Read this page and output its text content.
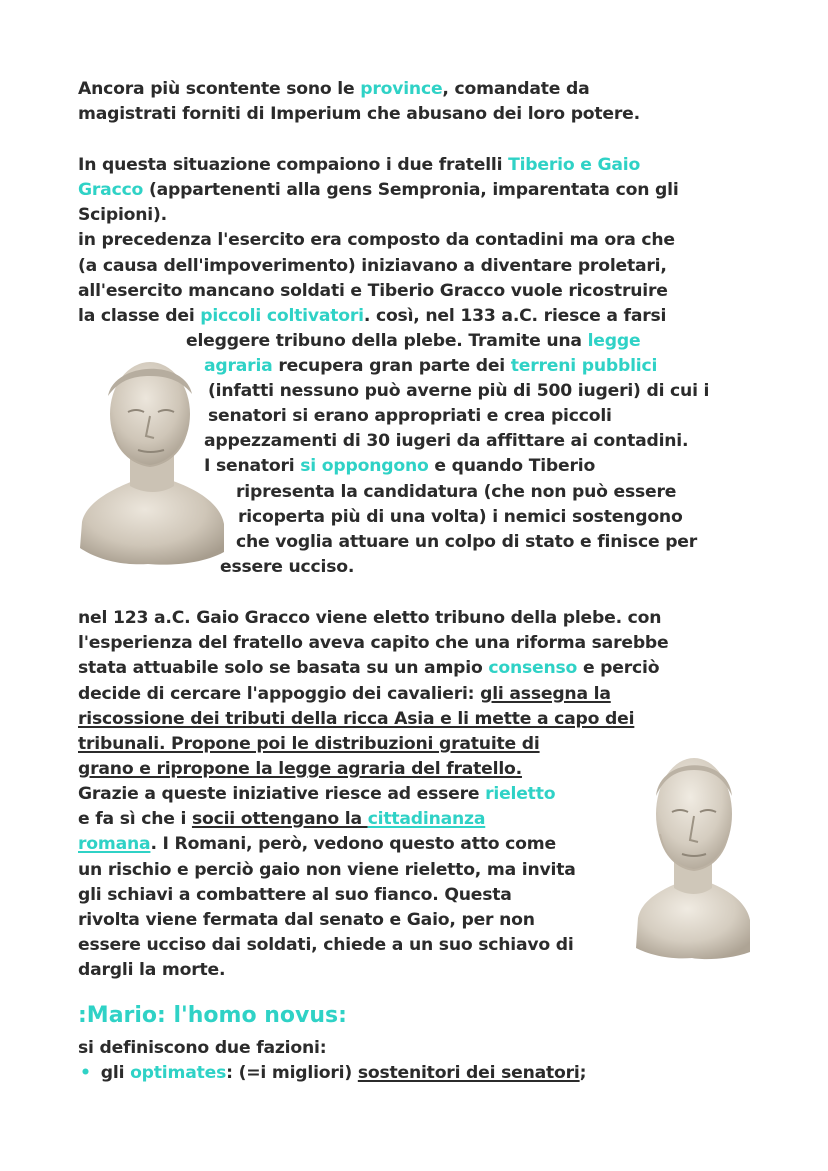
Ancora più scontente sono le province, comandate da
magistrati forniti di Imperium che abusano dei loro potere.
In questa situazione compaiono i due fratelli Tiberio e Gaio
Gracco (appartenenti alla gens Sempronia, imparentata con gli
Scipioni).
in precedenza l'esercito era composto da contadini ma ora che
(a causa dell'impoverimento) iniziavano a diventare proletari,
all'esercito mancano soldati e Tiberio Gracco vuole ricostruire
la classe dei piccoli coltivatori. così, nel 133 a.C. riesce a farsi
eleggere tribuno della plebe. Tramite una legge
agraria recupera gran parte dei terreni pubblici
(infatti nessuno può averne più di 500 iugeri) di cui i
senatori si erano appropriati e crea piccoli
appezzamenti di 30 iugeri da affittare ai contadini.
I senatori si oppongono e quando Tiberio
ripresenta la candidatura (che non può essere
ricoperta più di una volta) i nemici sostengono
che voglia attuare un colpo di stato e finisce per
essere ucciso.
nel 123 a.C. Gaio Gracco viene eletto tribuno della plebe. con
l'esperienza del fratello aveva capito che una riforma sarebbe
stata attuabile solo se basata su un ampio consenso e perciò
decide di cercare l'appoggio dei cavalieri: gli assegna la
riscossione dei tributi della ricca Asia e li mette a capo dei
tribunali. Propone poi le distribuzioni gratuite di
grano e ripropone la legge agraria del fratello.
Grazie a queste iniziative riesce ad essere rieletto
e fa sì che i socii ottengano la cittadinanza
romana. I Romani, però, vedono questo atto come
un rischio e perciò gaio non viene rieletto, ma invita
gli schiavi a combattere al suo fianco. Questa
rivolta viene fermata dal senato e Gaio, per non
essere ucciso dai soldati, chiede a un suo schiavo di
dargli la morte.
:Mario: l'homo novus:
si definiscono due fazioni:
• gli optimates: (=i migliori) sostenitori dei senatori;
